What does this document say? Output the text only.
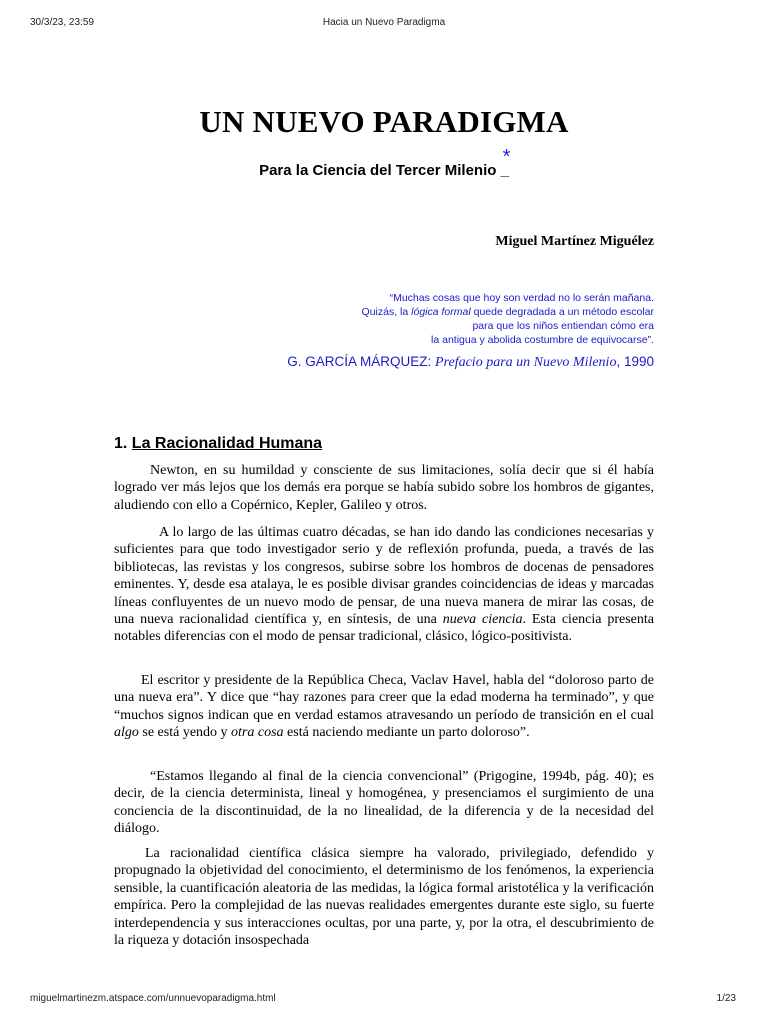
30/3/23, 23:59	Hacia un Nuevo Paradigma
UN NUEVO PARADIGMA
Para la Ciencia del Tercer Milenio
*
_
Miguel Martínez Miguélez
“Muchas cosas que hoy son verdad no lo serán mañana.
Quizás, la lógica formal quede degradada a un método escolar
para que los niños entiendan cómo era
la antigua y abolida costumbre de equivocarse”.
G. GARCÍA MÁRQUEZ: Prefacio para un Nuevo Milenio, 1990
1. La Racionalidad Humana

Newton, en su humildad y consciente de sus limitaciones, solía decir que si él había logrado ver más lejos que los demás era porque se había subido sobre los hombros de gigantes, aludiendo con ello a Copérnico, Kepler, Galileo y otros.

A lo largo de las últimas cuatro décadas, se han ido dando las condiciones necesarias y suficientes para que todo investigador serio y de reflexión profunda, pueda, a través de las bibliotecas, las revistas y los congresos, subirse sobre los hombros de docenas de pensadores eminentes. Y, desde esa atalaya, le es posible divisar grandes coincidencias de ideas y marcadas líneas confluyentes de un nuevo modo de pensar, de una nueva manera de mirar las cosas, de una nueva racionalidad científica y, en síntesis, de una nueva ciencia. Esta ciencia presenta notables diferencias con el modo de pensar tradicional, clásico, lógico-positivista.

El escritor y presidente de la República Checa, Vaclav Havel, habla del “doloroso parto de una nueva era”. Y dice que “hay razones para creer que la edad moderna ha terminado”, y que “muchos signos indican que en verdad estamos atravesando un período de transición en el cual algo se está yendo y otra cosa está naciendo mediante un parto doloroso”.

“Estamos llegando al final de la ciencia convencional” (Prigogine, 1994b, pág. 40); es decir, de la ciencia determinista, lineal y homogénea, y presenciamos el surgimiento de una conciencia de la discontinuidad, de la no linealidad, de la diferencia y de la necesidad del diálogo.

La racionalidad científica clásica siempre ha valorado, privilegiado, defendido y propugnado la objetividad del conocimiento, el determinismo de los fenómenos, la experiencia sensible, la cuantificación aleatoria de las medidas, la lógica formal aristotélica y la verificación empírica. Pero la complejidad de las nuevas realidades emergentes durante este siglo, su fuerte interdependencia y sus interacciones ocultas, por una parte, y, por la otra, el descubrimiento de la riqueza y dotación insospechada

miguelmartinezm.atspace.com/unnuevoparadigma.html	1/23
